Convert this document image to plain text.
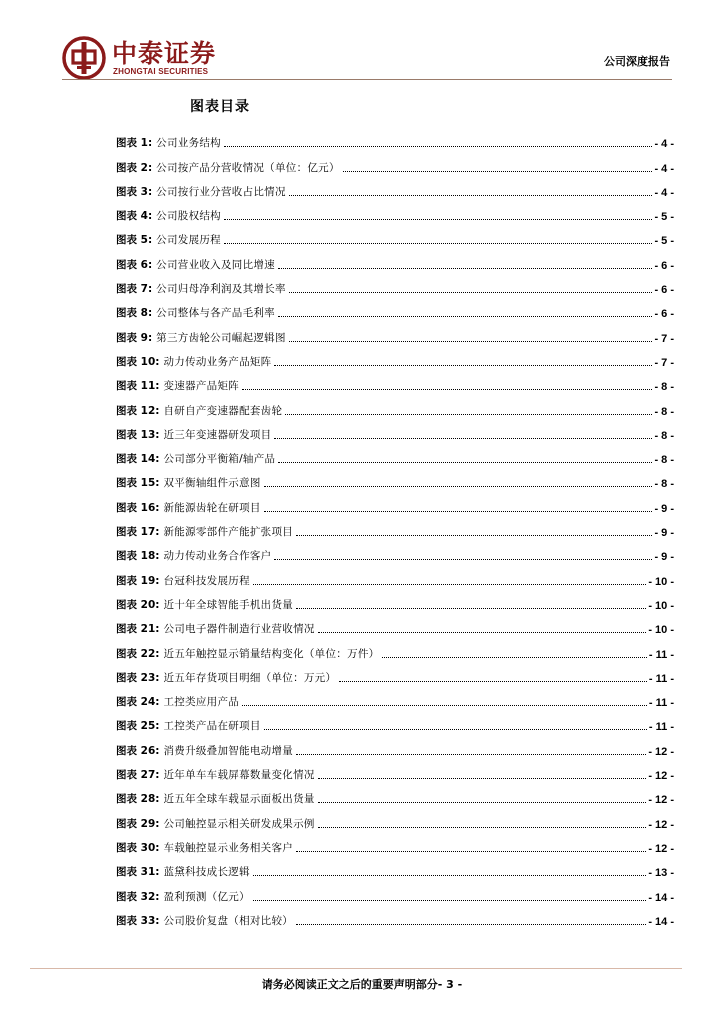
中泰证券
ZHONGTAI SECURITIES
公司深度报告
图表目录
图表 1: 公司业务结构	- 4 -
图表 2: 公司按产品分营收情况（单位：亿元）	- 4 -
图表 3: 公司按行业分营收占比情况	- 4 -
图表 4: 公司股权结构	- 5 -
图表 5: 公司发展历程	- 5 -
图表 6: 公司营业收入及同比增速	- 6 -
图表 7: 公司归母净利润及其增长率	- 6 -
图表 8: 公司整体与各产品毛利率	- 6 -
图表 9: 第三方齿轮公司崛起逻辑图	- 7 -
图表 10: 动力传动业务产品矩阵	- 7 -
图表 11: 变速器产品矩阵	- 8 -
图表 12: 自研自产变速器配套齿轮	- 8 -
图表 13: 近三年变速器研发项目	- 8 -
图表 14: 公司部分平衡箱/轴产品	- 8 -
图表 15: 双平衡轴组件示意图	- 8 -
图表 16: 新能源齿轮在研项目	- 9 -
图表 17: 新能源零部件产能扩张项目	- 9 -
图表 18: 动力传动业务合作客户	- 9 -
图表 19: 台冠科技发展历程	- 10 -
图表 20: 近十年全球智能手机出货量	- 10 -
图表 21: 公司电子器件制造行业营收情况	- 10 -
图表 22: 近五年触控显示销量结构变化（单位：万件）	- 11 -
图表 23: 近五年存货项目明细（单位：万元）	- 11 -
图表 24: 工控类应用产品	- 11 -
图表 25: 工控类产品在研项目	- 11 -
图表 26: 消费升级叠加智能电动增量	- 12 -
图表 27: 近年单车车载屏幕数量变化情况	- 12 -
图表 28: 近五年全球车载显示面板出货量	- 12 -
图表 29: 公司触控显示相关研发成果示例	- 12 -
图表 30: 车载触控显示业务相关客户	- 12 -
图表 31: 蓝黛科技成长逻辑	- 13 -
图表 32: 盈利预测（亿元）	- 14 -
图表 33: 公司股价复盘（相对比较）	- 14 -
请务必阅读正文之后的重要声明部分- 3 -
